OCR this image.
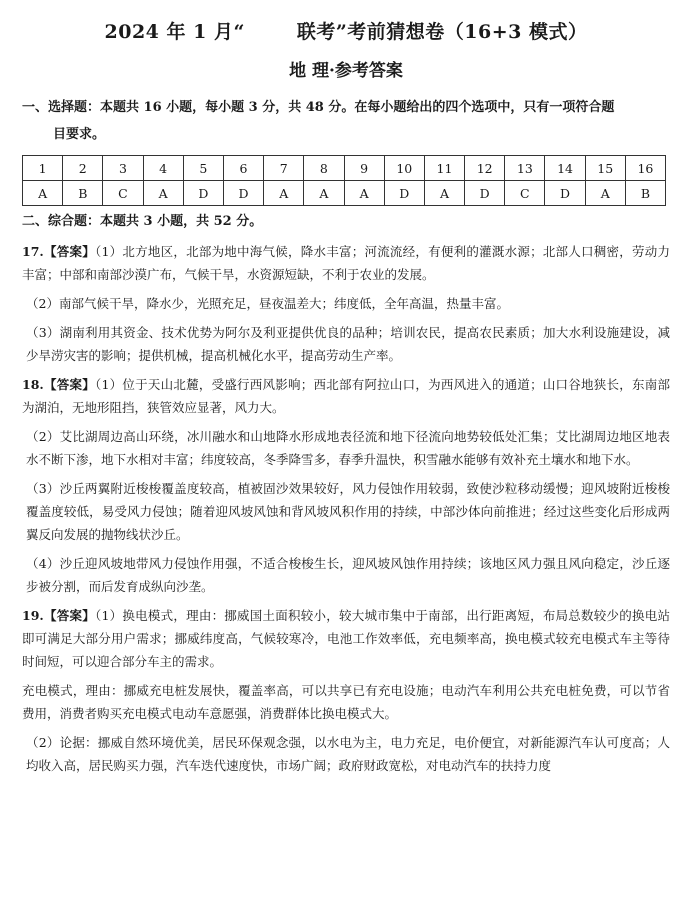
2024 年 1 月“	联考”考前猜想卷（16+3 模式）
地 理·参考答案
一、选择题：本题共 16 小题，每小题 3 分，共 48 分。在每小题给出的四个选项中，只有一项符合题
目要求。
1	2	3	4	5	6	7	8	9	10	11	12	13	14	15	16
A	B	C	A	D	D	A	A	A	D	A	D	C	D	A	B
二、综合题：本题共 3 小题，共 52 分。
17.【答案】（1）北方地区，北部为地中海气候，降水丰富；河流流经，有便利的灌溉水源；北部人口稠密，劳动力丰富；中部和南部沙漠广布，气候干旱，水资源短缺，不利于农业的发展。
（2）南部气候干旱，降水少，光照充足，昼夜温差大；纬度低，全年高温，热量丰富。
（3）湖南利用其资金、技术优势为阿尔及利亚提供优良的品种；培训农民，提高农民素质；加大水利设施建设，减少旱涝灾害的影响；提供机械，提高机械化水平，提高劳动生产率。
18.【答案】（1）位于天山北麓，受盛行西风影响；西北部有阿拉山口，为西风进入的通道；山口谷地狭长，东南部为湖泊，无地形阻挡，狭管效应显著，风力大。
（2）艾比湖周边高山环绕，冰川融水和山地降水形成地表径流和地下径流向地势较低处汇集；艾比湖周边地区地表水不断下渗，地下水相对丰富；纬度较高，冬季降雪多，春季升温快，积雪融水能够有效补充土壤水和地下水。
（3）沙丘两翼附近梭梭覆盖度较高，植被固沙效果较好，风力侵蚀作用较弱，致使沙粒移动缓慢；迎风坡附近梭梭覆盖度较低，易受风力侵蚀；随着迎风坡风蚀和背风坡风积作用的持续，中部沙体向前推进；经过这些变化后形成两翼反向发展的抛物线状沙丘。
（4）沙丘迎风坡地带风力侵蚀作用强，不适合梭梭生长，迎风坡风蚀作用持续；该地区风力强且风向稳定，沙丘逐步被分割，而后发育成纵向沙垄。
19.【答案】（1）换电模式，理由：挪威国土面积较小，较大城市集中于南部，出行距离短，布局总数较少的换电站即可满足大部分用户需求；挪威纬度高，气候较寒冷，电池工作效率低，充电频率高，换电模式较充电模式车主等待时间短，可以迎合部分车主的需求。
充电模式，理由：挪威充电桩发展快，覆盖率高，可以共享已有充电设施；电动汽车利用公共充电桩免费，可以节省费用，消费者购买充电模式电动车意愿强，消费群体比换电模式大。
（2）论据：挪威自然环境优美，居民环保观念强，以水电为主，电力充足，电价便宜，对新能源汽车认可度高；人均收入高，居民购买力强，汽车迭代速度快，市场广阔；政府财政宽松，对电动汽车的扶持力度
